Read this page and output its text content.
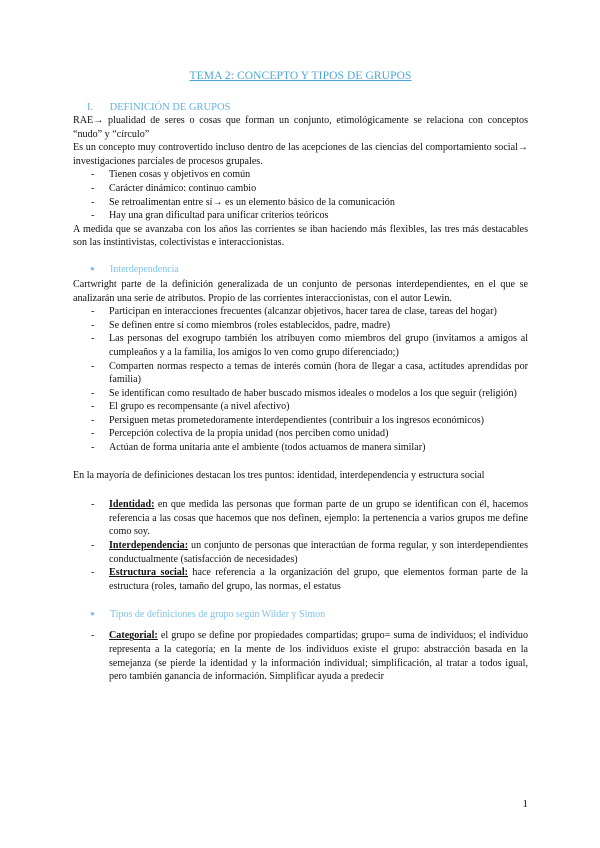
TEMA 2: CONCEPTO Y TIPOS DE GRUPOS
I. DEFINICIÓN DE GRUPOS

RAE→ plualidad de seres o cosas que forman un conjunto, etimológicamente se relaciona con conceptos “nudo” y “círculo”

Es un concepto muy controvertido incluso dentro de las acepciones de las ciencias del comportamiento social→ investigaciones parciales de procesos grupales.

- Tienen cosas y objetivos en común
- Carácter dinámico: continuo cambio
- Se retroalimentan entre sí→ es un elemento básico de la comunicación
- Hay una gran dificultad para unificar criterios teóricos

A medida que se avanzaba con los años las corrientes se iban haciendo más flexibles, las tres más destacables son las instintivistas, colectivistas e interaccionistas.

● Interdependencia

Cartwright parte de la definición generalizada de un conjunto de personas interdependientes, en el que se analizarán una serie de atributos. Propio de las corrientes interaccionistas, con el autor Lewin.

- Participan en interacciones frecuentes (alcanzar objetivos, hacer tarea de clase, tareas del hogar)
- Se definen entre sí como miembros (roles establecidos, padre, madre)
- Las personas del exogrupo también los atribuyen como miembros del grupo (invitamos a amigos al cumpleaños y a la familia, los amigos lo ven como grupo diferenciado;)
- Comparten normas respecto a temas de interés común (hora de llegar a casa, actitudes aprendidas por familia)
- Se identifican como resultado de haber buscado mismos ideales o modelos a los que seguir (religión)
- El grupo es recompensante (a nivel afectivo)
- Persiguen metas prometedoramente interdependientes (contribuir a los ingresos económicos)
- Percepción colectiva de la propia unidad (nos perciben como unidad)
- Actúan de forma unitaria ante el ambiente (todos actuamos de manera similar)

En la mayoría de definiciones destacan los tres puntos: identidad, interdependencia y estructura social

- Identidad: en que medida las personas que forman parte de un grupo se identifican con él, hacemos referencia a las cosas que hacemos que nos definen, ejemplo: la pertenencia a varios grupos me define como soy.
- Interdependencia: un conjunto de personas que interactúan de forma regular, y son interdependientes conductualmente (satisfacción de necesidades)
- Estructura social: hace referencia a la organización del grupo, que elementos forman parte de la estructura (roles, tamaño del grupo, las normas, el estatus
● Tipos de definiciones de grupo según Wilder y Simon
- Categorial: el grupo se define por propiedades compartidas; grupo= suma de individuos; el individuo representa a la categoría; en la mente de los individuos existe el grupo: abstracción basada en la semejanza (se pierde la identidad y la información individual; simplificación, al tratar a todos igual, pero también ganancia de información. Simplificar ayuda a predecir
1
